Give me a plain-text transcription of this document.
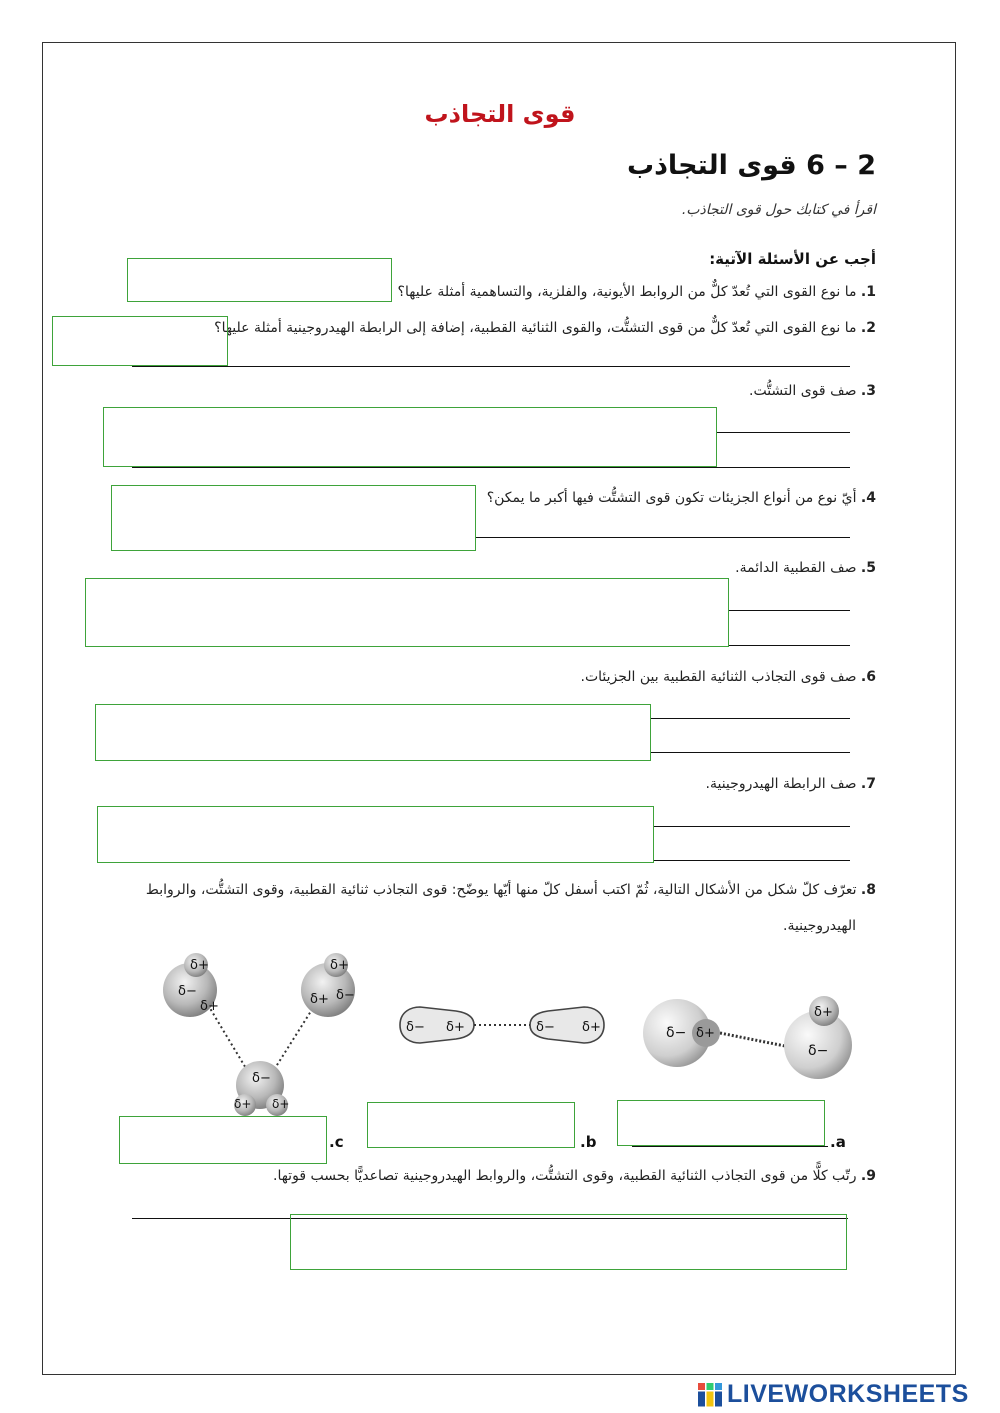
قوى التجاذب
2 – 6 قوى التجاذب
اقرأ في كتابك حول قوى التجاذب.
أجب عن الأسئلة الآتية:
1. ما نوع القوى التي تُعدّ كلٌّ من الروابط الأيونية، والفلزية، والتساهمية أمثلة عليها؟
2. ما نوع القوى التي تُعدّ كلٌّ من قوى التشتُّت، والقوى الثنائية القطبية، إضافة إلى الرابطة الهيدروجينية أمثلة عليها؟
3. صف قوى التشتُّت.
4. أيّ نوع من أنواع الجزيئات تكون قوى التشتُّت فيها أكبر ما يمكن؟
5. صف القطبية الدائمة.
6. صف قوى التجاذب الثنائية القطبية بين الجزيئات.
7. صف الرابطة الهيدروجينية.
8. تعرّف كلّ شكل من الأشكال التالية، ثُمّ اكتب أسفل كلّ منها أيّها يوضّح: قوى التجاذب ثنائية القطبية، وقوى التشتُّت، والروابط
الهيدروجينية.
δ+
δ−
δ+
δ+
δ+ δ−
δ−
δ+ δ+
δ− δ+	δ− δ+	δ− δ+
δ+
δ−
.a
.b
.c
9. رتّب كلًّا من قوى التجاذب الثنائية القطبية، وقوى التشتُّت، والروابط الهيدروجينية تصاعديًّا بحسب قوتها.
LIVEWORKSHEETS
